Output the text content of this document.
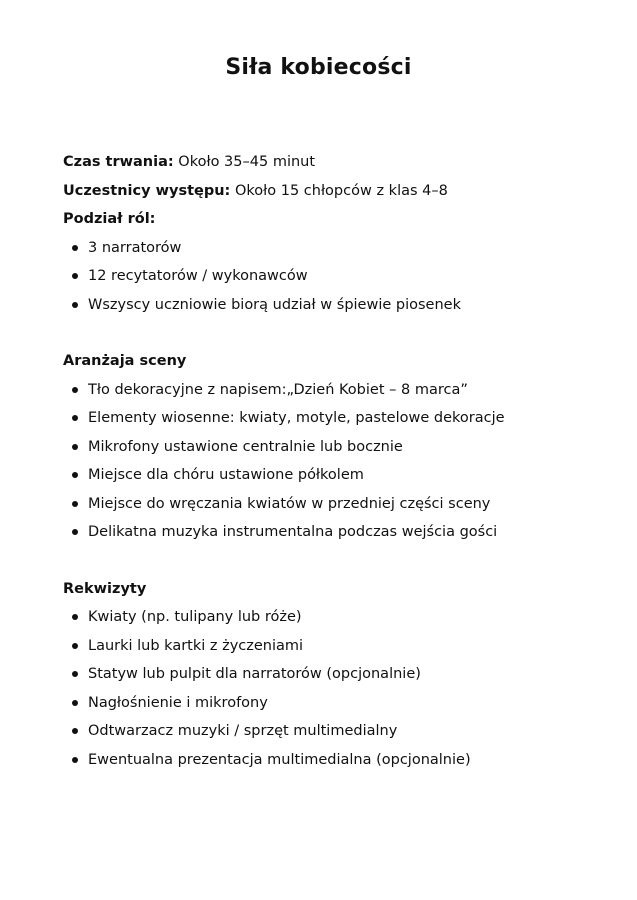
Siła kobiecości
Czas trwania: Około 35–45 minut
Uczestnicy występu: Około 15 chłopców z klas 4–8
Podział ról:
3 narratorów
12 recytatorów / wykonawców
Wszyscy uczniowie biorą udział w śpiewie piosenek
Aranżaja sceny
Tło dekoracyjne z napisem:„Dzień Kobiet – 8 marca”
Elementy wiosenne: kwiaty, motyle, pastelowe dekoracje
Mikrofony ustawione centralnie lub bocznie
Miejsce dla chóru ustawione półkolem
Miejsce do wręczania kwiatów w przedniej części sceny
Delikatna muzyka instrumentalna podczas wejścia gości
Rekwizyty
Kwiaty (np. tulipany lub róże)
Laurki lub kartki z życzeniami
Statyw lub pulpit dla narratorów (opcjonalnie)
Nagłośnienie i mikrofony
Odtwarzacz muzyki / sprzęt multimedialny
Ewentualna prezentacja multimedialna (opcjonalnie)
